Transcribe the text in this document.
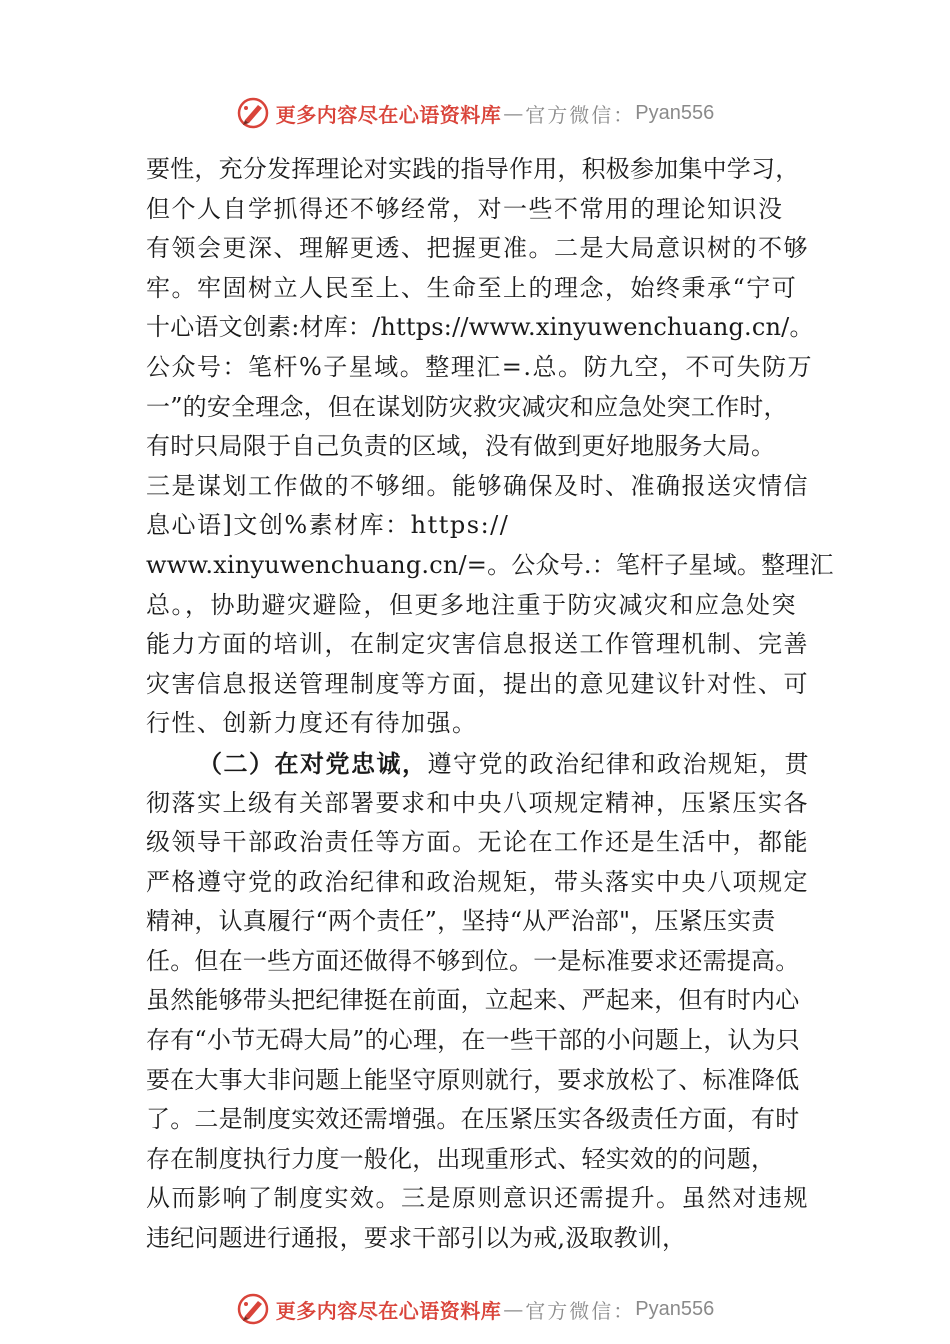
更多内容尽在心语资料库 — 官方微信： Pyan556
要性，充分发挥理论对实践的指导作用，积极参加集中学习，
但个人自学抓得还不够经常，对一些不常用的理论知识没
有领会更深、理解更透、把握更准。二是大局意识树的不够
牢。牢固树立人民至上、生命至上的理念，始终秉承“宁可
十心语文创素:材库：/https://www.xinyuwenchuang.cn/。
公众号：笔杆%子星域。整理汇=.总。防九空，不可失防万
一”的安全理念，但在谋划防灾救灾减灾和应急处突工作时，
有时只局限于自己负责的区域，没有做到更好地服务大局。
三是谋划工作做的不够细。能够确保及时、准确报送灾情信
息心语]文创%素材库：https://
www.xinyuwenchuang.cn/=。公众号.：笔杆子星域。整理汇
总。，协助避灾避险，但更多地注重于防灾减灾和应急处突
能力方面的培训，在制定灾害信息报送工作管理机制、完善
灾害信息报送管理制度等方面，提出的意见建议针对性、可
行性、创新力度还有待加强。
（二）在对党忠诚，遵守党的政治纪律和政治规矩，贯
彻落实上级有关部署要求和中央八项规定精神，压紧压实各
级领导干部政治责任等方面。无论在工作还是生活中，都能
严格遵守党的政治纪律和政治规矩，带头落实中央八项规定
精神，认真履行“两个责任”，坚持“从严治部"，压紧压实责
任。但在一些方面还做得不够到位。一是标准要求还需提高。
虽然能够带头把纪律挺在前面，立起来、严起来，但有时内心
存有“小节无碍大局”的心理，在一些干部的小问题上，认为只
要在大事大非问题上能坚守原则就行，要求放松了、标准降低
了。二是制度实效还需增强。在压紧压实各级责任方面，有时
存在制度执行力度一般化，出现重形式、轻实效的的问题，
从而影响了制度实效。三是原则意识还需提升。虽然对违规
违纪问题进行通报，要求干部引以为戒,汲取教训，
更多内容尽在心语资料库 — 官方微信： Pyan556
